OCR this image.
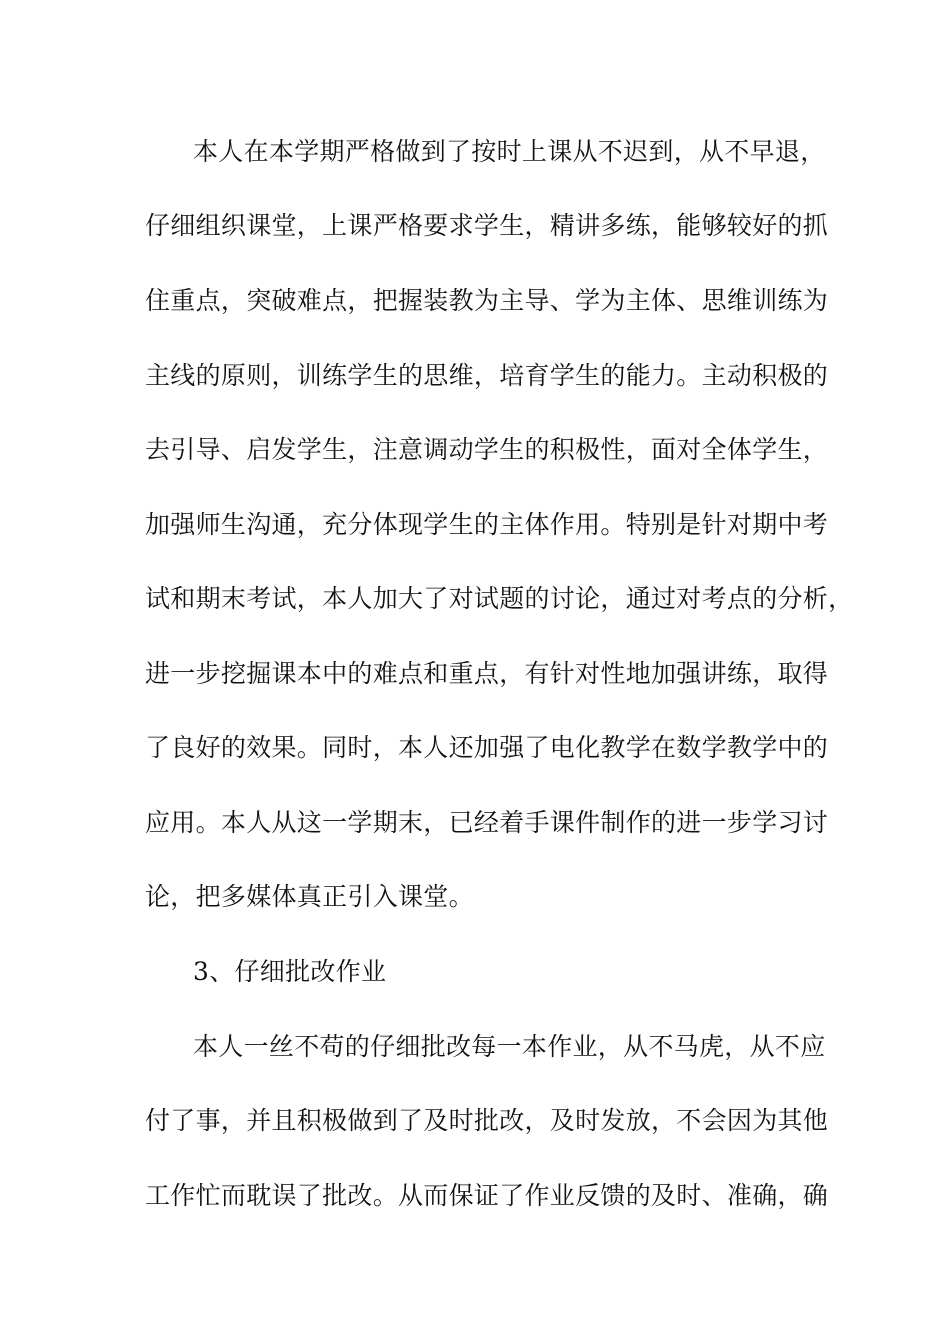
本人在本学期严格做到了按时上课从不迟到，从不早退，
仔细组织课堂，上课严格要求学生，精讲多练，能够较好的抓
住重点，突破难点，把握装教为主导、学为主体、思维训练为
主线的原则，训练学生的思维，培育学生的能力。主动积极的
去引导、启发学生，注意调动学生的积极性，面对全体学生，
加强师生沟通，充分体现学生的主体作用。特别是针对期中考
试和期末考试，本人加大了对试题的讨论，通过对考点的分析，
进一步挖掘课本中的难点和重点，有针对性地加强讲练，取得
了良好的效果。同时，本人还加强了电化教学在数学教学中的
应用。本人从这一学期末，已经着手课件制作的进一步学习讨
论，把多媒体真正引入课堂。
3、仔细批改作业
本人一丝不苟的仔细批改每一本作业，从不马虎，从不应
付了事，并且积极做到了及时批改，及时发放，不会因为其他
工作忙而耽误了批改。从而保证了作业反馈的及时、准确，确
